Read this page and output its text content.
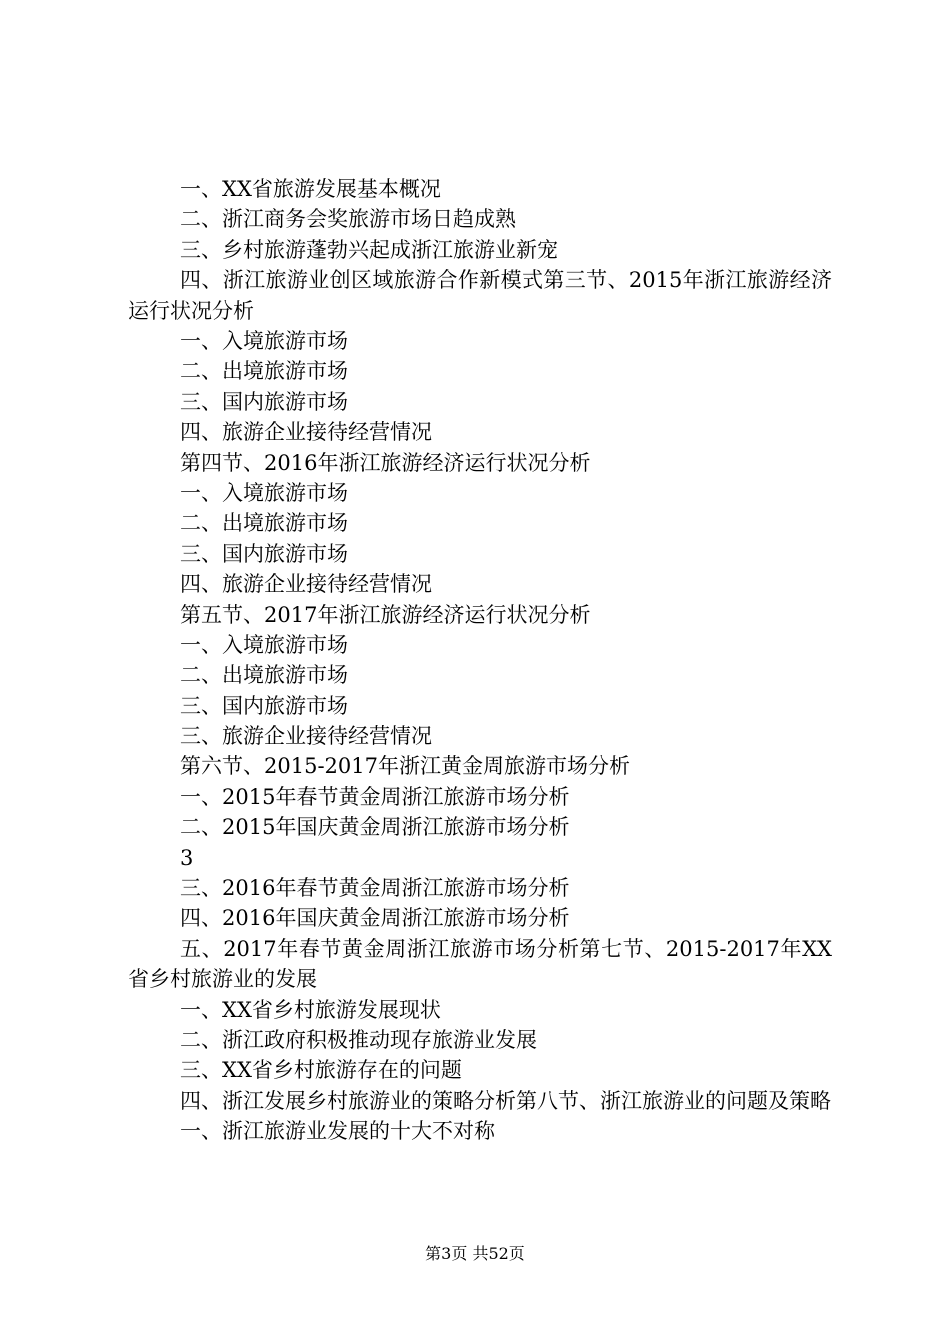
一、XX省旅游发展基本概况
二、浙江商务会奖旅游市场日趋成熟
三、乡村旅游蓬勃兴起成浙江旅游业新宠
四、浙江旅游业创区域旅游合作新模式第三节、2015年浙江旅游经济运行状况分析
一、入境旅游市场
二、出境旅游市场
三、国内旅游市场
四、旅游企业接待经营情况
第四节、2016年浙江旅游经济运行状况分析
一、入境旅游市场
二、出境旅游市场
三、国内旅游市场
四、旅游企业接待经营情况
第五节、2017年浙江旅游经济运行状况分析
一、入境旅游市场
二、出境旅游市场
三、国内旅游市场
三、旅游企业接待经营情况
第六节、2015-2017年浙江黄金周旅游市场分析
一、2015年春节黄金周浙江旅游市场分析
二、2015年国庆黄金周浙江旅游市场分析
3
三、2016年春节黄金周浙江旅游市场分析
四、2016年国庆黄金周浙江旅游市场分析
五、2017年春节黄金周浙江旅游市场分析第七节、2015-2017年XX省乡村旅游业的发展
一、XX省乡村旅游发展现状
二、浙江政府积极推动现存旅游业发展
三、XX省乡村旅游存在的问题
四、浙江发展乡村旅游业的策略分析第八节、浙江旅游业的问题及策略
一、浙江旅游业发展的十大不对称
第3页 共52页
